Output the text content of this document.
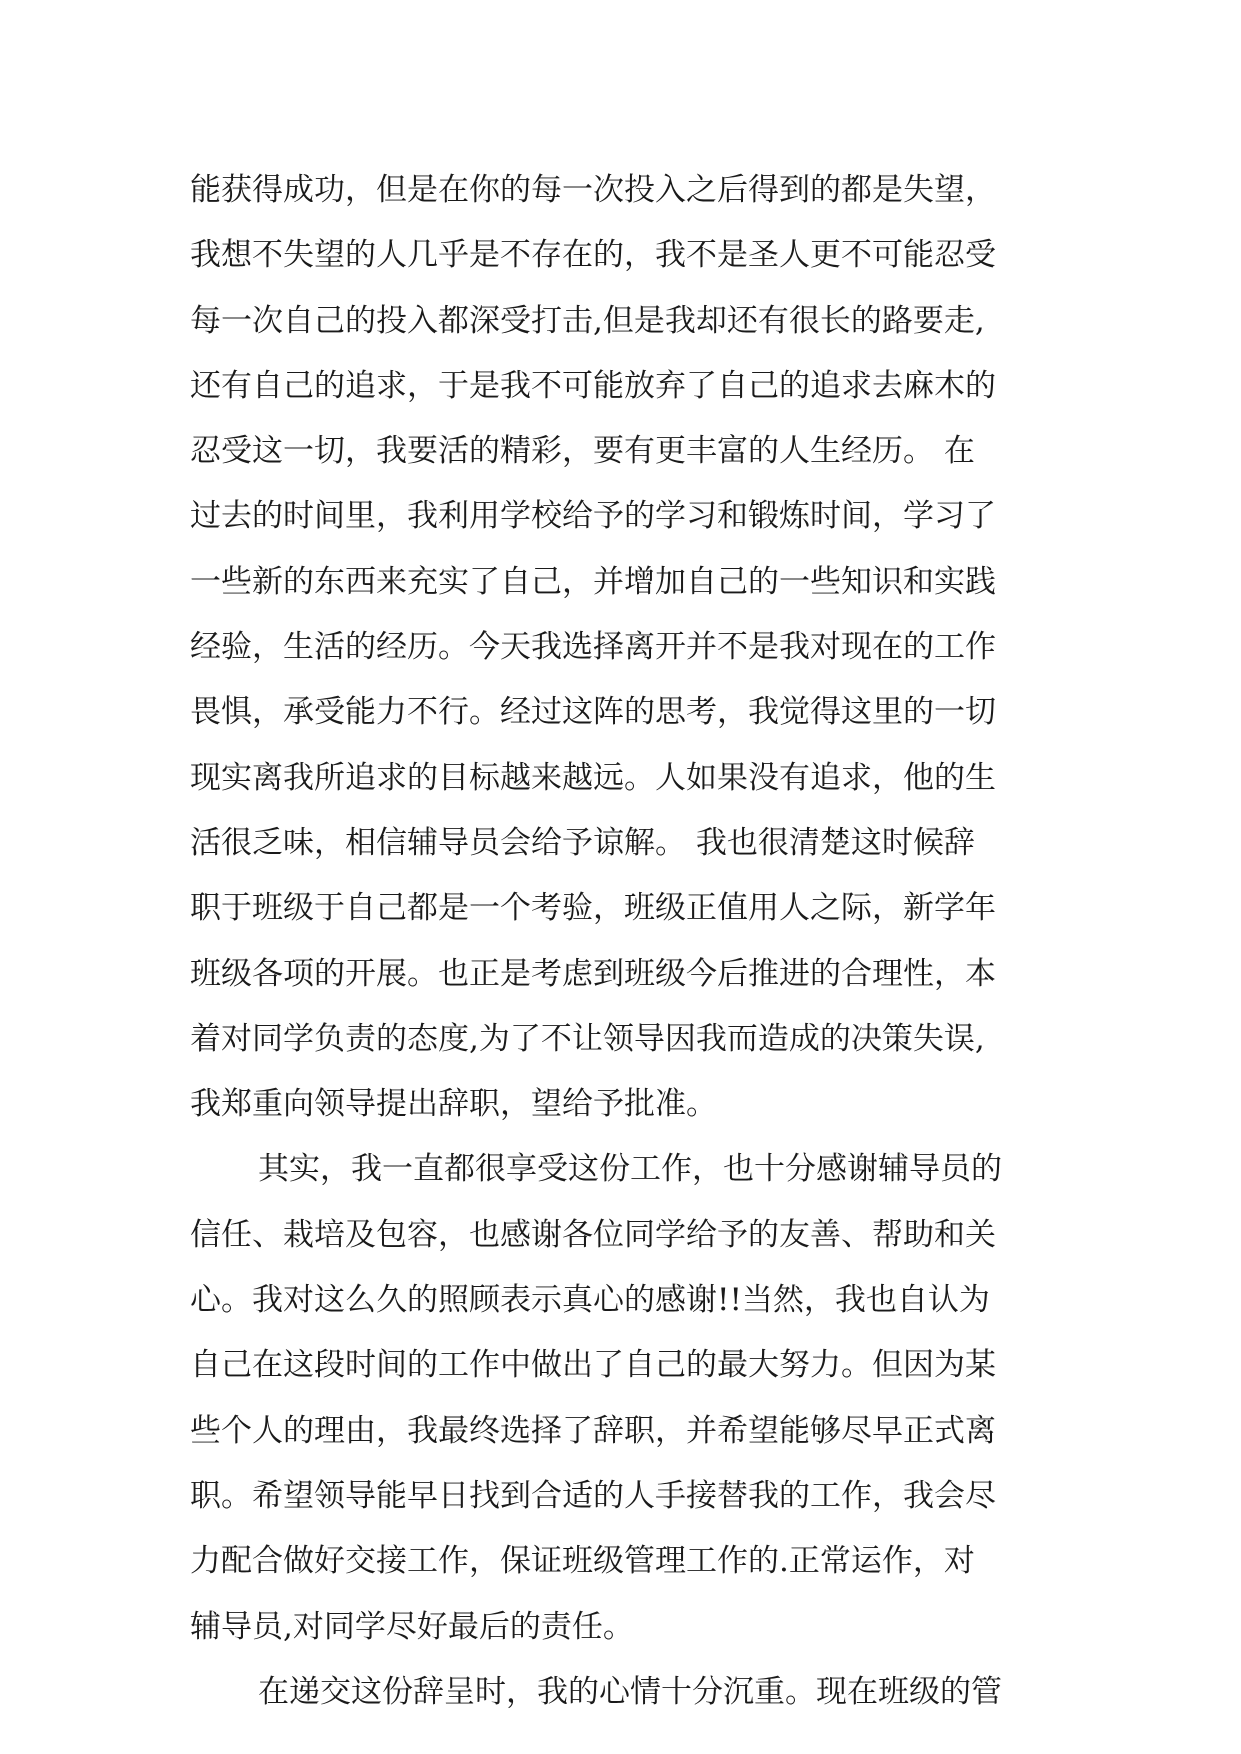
能获得成功，但是在你的每一次投入之后得到的都是失望，
我想不失望的人几乎是不存在的，我不是圣人更不可能忍受
每一次自己的投入都深受打击,但是我却还有很长的路要走,
还有自己的追求，于是我不可能放弃了自己的追求去麻木的
忍受这一切，我要活的精彩，要有更丰富的人生经历。 在
过去的时间里，我利用学校给予的学习和锻炼时间，学习了
一些新的东西来充实了自己，并增加自己的一些知识和实践
经验，生活的经历。今天我选择离开并不是我对现在的工作
畏惧，承受能力不行。经过这阵的思考，我觉得这里的一切
现实离我所追求的目标越来越远。人如果没有追求，他的生
活很乏味，相信辅导员会给予谅解。 我也很清楚这时候辞
职于班级于自己都是一个考验，班级正值用人之际，新学年
班级各项的开展。也正是考虑到班级今后推进的合理性，本
着对同学负责的态度,为了不让领导因我而造成的决策失误,
我郑重向领导提出辞职，望给予批准。
其实，我一直都很享受这份工作，也十分感谢辅导员的
信任、栽培及包容，也感谢各位同学给予的友善、帮助和关
心。我对这么久的照顾表示真心的感谢!!当然，我也自认为
自己在这段时间的工作中做出了自己的最大努力。但因为某
些个人的理由，我最终选择了辞职，并希望能够尽早正式离
职。希望领导能早日找到合适的人手接替我的工作，我会尽
力配合做好交接工作，保证班级管理工作的.正常运作，对
辅导员,对同学尽好最后的责任。
在递交这份辞呈时，我的心情十分沉重。现在班级的管
